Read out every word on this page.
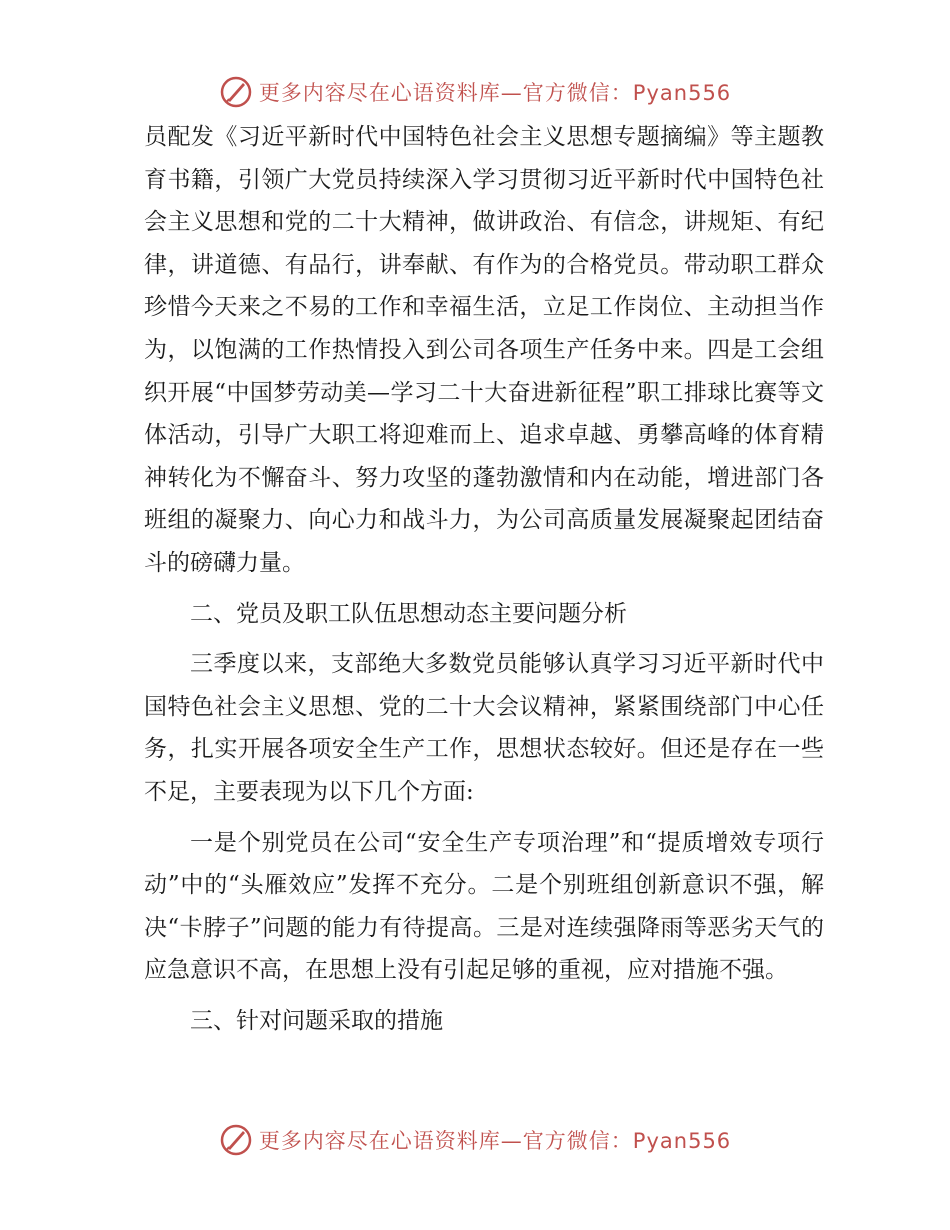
更多内容尽在心语资料库—官方微信：Pyan556

员配发《习近平新时代中国特色社会主义思想专题摘编》等主题教育书籍，引领广大党员持续深入学习贯彻习近平新时代中国特色社会主义思想和党的二十大精神，做讲政治、有信念，讲规矩、有纪律，讲道德、有品行，讲奉献、有作为的合格党员。带动职工群众珍惜今天来之不易的工作和幸福生活，立足工作岗位、主动担当作为，以饱满的工作热情投入到公司各项生产任务中来。四是工会组织开展“中国梦劳动美—学习二十大奋进新征程”职工排球比赛等文体活动，引导广大职工将迎难而上、追求卓越、勇攀高峰的体育精神转化为不懈奋斗、努力攻坚的蓬勃激情和内在动能，增进部门各班组的凝聚力、向心力和战斗力，为公司高质量发展凝聚起团结奋斗的磅礴力量。

二、党员及职工队伍思想动态主要问题分析

三季度以来，支部绝大多数党员能够认真学习习近平新时代中国特色社会主义思想、党的二十大会议精神，紧紧围绕部门中心任务，扎实开展各项安全生产工作，思想状态较好。但还是存在一些不足，主要表现为以下几个方面:

一是个别党员在公司“安全生产专项治理”和“提质增效专项行动”中的“头雁效应”发挥不充分。二是个别班组创新意识不强，解决“卡脖子”问题的能力有待提高。三是对连续强降雨等恶劣天气的应急意识不高，在思想上没有引起足够的重视，应对措施不强。

三、针对问题采取的措施

更多内容尽在心语资料库—官方微信：Pyan556
